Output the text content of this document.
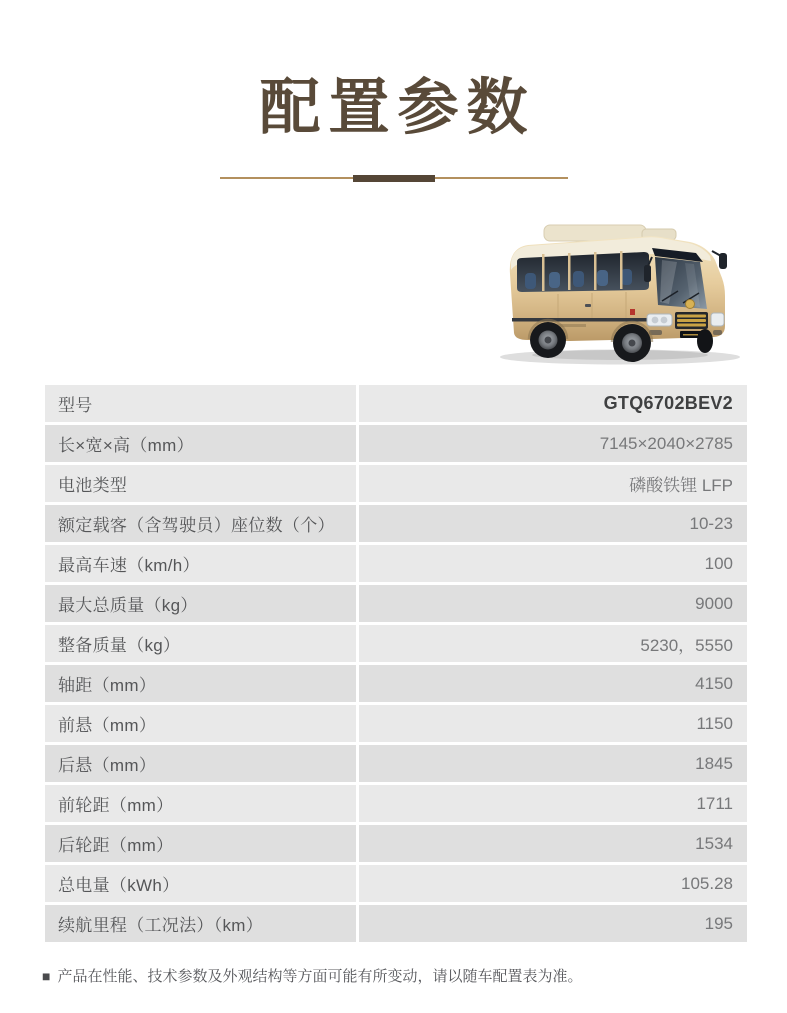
配置参数
型号	GTQ6702BEV2
长×宽×高（mm）	7145×2040×2785
电池类型	磷酸铁锂 LFP
额定载客（含驾驶员）座位数（个）	10-23
最高车速（km/h）	100
最大总质量（kg）	9000
整备质量（kg）	5230，5550
轴距（mm）	4150
前悬（mm）	1150
后悬（mm）	1845
前轮距（mm）	1711
后轮距（mm）	1534
总电量（kWh）	105.28
续航里程（工况法）（km）	195
■ 产品在性能、技术参数及外观结构等方面可能有所变动，请以随车配置表为准。
